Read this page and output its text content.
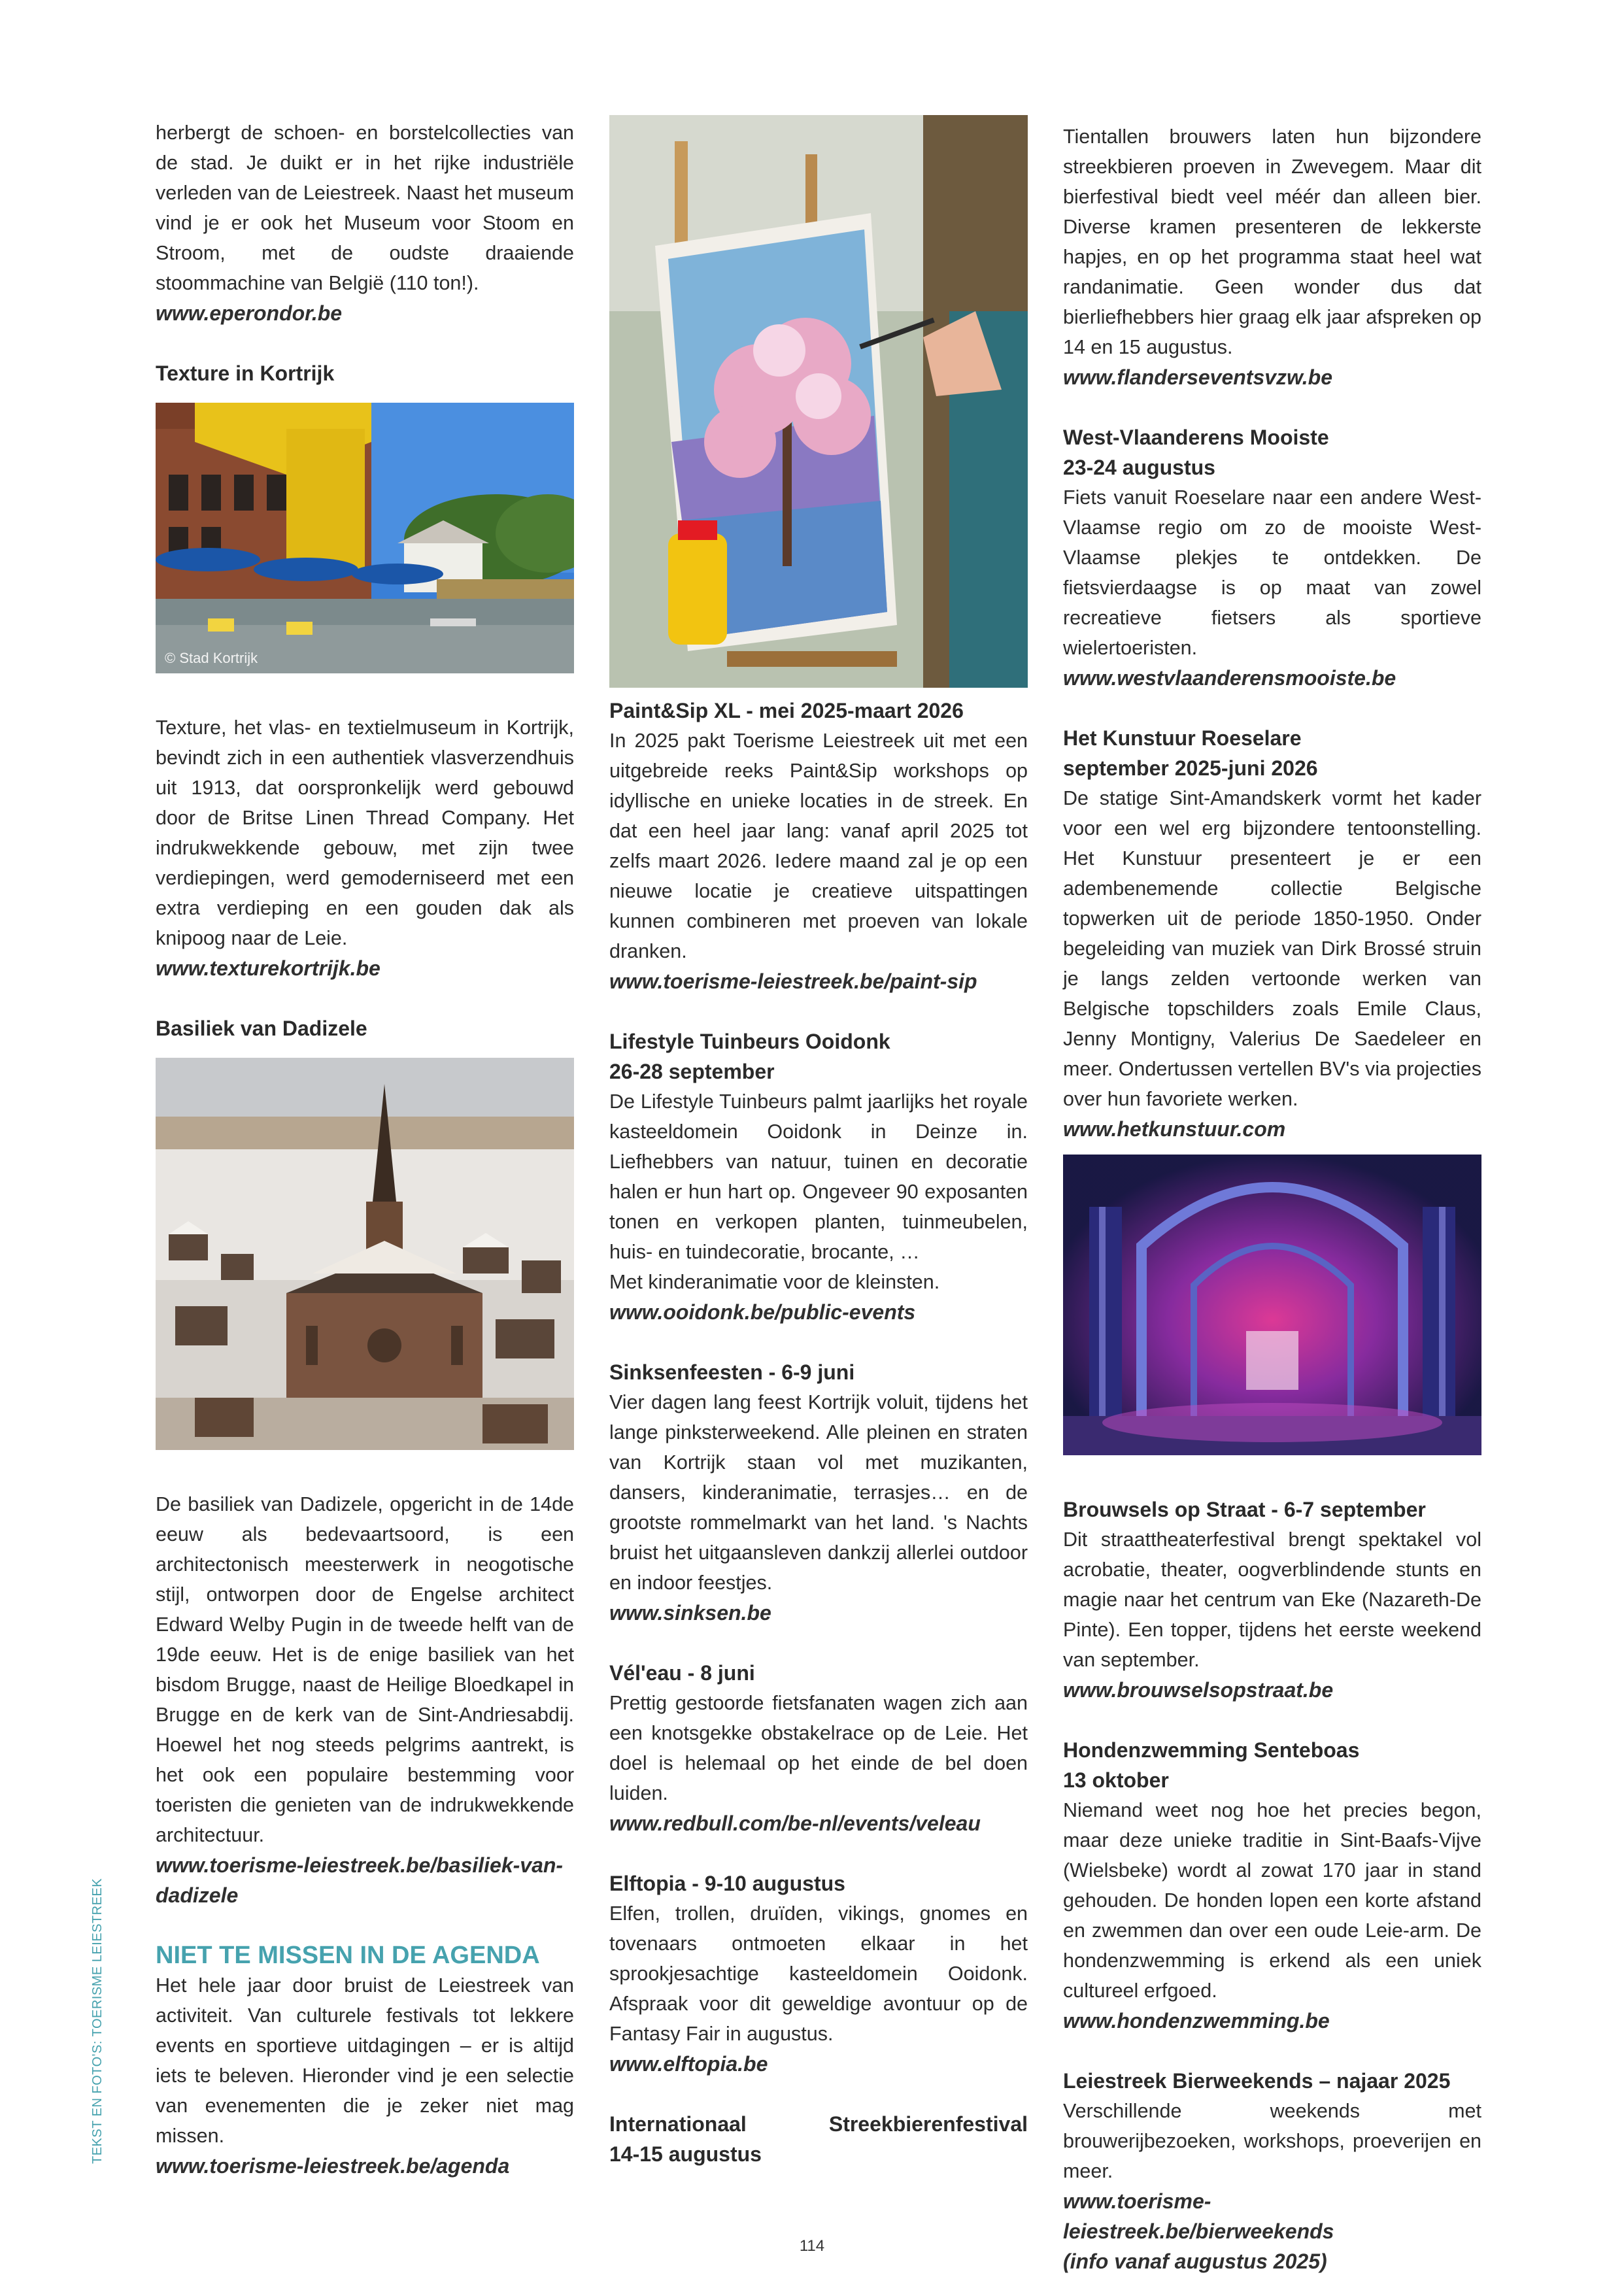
herbergt de schoen- en borstelcollecties van de stad. Je duikt er in het rijke industriële verleden van de Leiestreek. Naast het museum vind je er ook het Museum voor Stoom en Stroom, met de oudste draaiende stoommachine van België (110 ton!).

www.eperondor.be
Texture in Kortrijk
© Stad Kortrijk

Texture, het vlas- en textielmuseum in Kortrijk, bevindt zich in een authentiek vlasverzendhuis uit 1913, dat oorspronkelijk werd gebouwd door de Britse Linen Thread Company. Het indrukwekkende gebouw, met zijn twee verdiepingen, werd gemoderniseerd met een extra verdieping en een gouden dak als knipoog naar de Leie.

www.texturekortrijk.be
Basiliek van Dadizele

De basiliek van Dadizele, opgericht in de 14de eeuw als bedevaartsoord, is een architectonisch meesterwerk in neogotische stijl, ontworpen door de Engelse architect Edward Welby Pugin in de tweede helft van de 19de eeuw. Het is de enige basiliek van het bisdom Brugge, naast de Heilige Bloedkapel in Brugge en de kerk van de Sint-Andriesabdij. Hoewel het nog steeds pelgrims aantrekt, is het ook een populaire bestemming voor toeristen die genieten van de indrukwekkende architectuur.

www.toerisme-leiestreek.be/basiliek-van-dadizele
NIET TE MISSEN IN DE AGENDA

Het hele jaar door bruist de Leiestreek van activiteit. Van culturele festivals tot lekkere events en sportieve uitdagingen – er is altijd iets te beleven. Hieronder vind je een selectie van evenementen die je zeker niet mag missen.

www.toerisme-leiestreek.be/agenda
Paint&Sip XL - mei 2025-maart 2026

In 2025 pakt Toerisme Leiestreek uit met een uitgebreide reeks Paint&Sip workshops op idyllische en unieke locaties in de streek. En dat een heel jaar lang: vanaf april 2025 tot zelfs maart 2026. Iedere maand zal je op een nieuwe locatie je creatieve uitspattingen kunnen combineren met proeven van lokale dranken.

www.toerisme-leiestreek.be/paint-sip
Lifestyle Tuinbeurs Ooidonk
26-28 september

De Lifestyle Tuinbeurs palmt jaarlijks het royale kasteeldomein Ooidonk in Deinze in. Liefhebbers van natuur, tuinen en decoratie halen er hun hart op. Ongeveer 90 exposanten tonen en verkopen planten, tuinmeubelen, huis- en tuindecoratie, brocante, …

Met kinderanimatie voor de kleinsten.

www.ooidonk.be/public-events
Sinksenfeesten - 6-9 juni

Vier dagen lang feest Kortrijk voluit, tijdens het lange pinksterweekend. Alle pleinen en straten van Kortrijk staan vol met muzikanten, dansers, kinderanimatie, terrasjes… en de grootste rommelmarkt van het land. 's Nachts bruist het uitgaansleven dankzij allerlei outdoor en indoor feestjes.

www.sinksen.be
Vél'eau - 8 juni

Prettig gestoorde fietsfanaten wagen zich aan een knotsgekke obstakelrace op de Leie. Het doel is helemaal op het einde de bel doen luiden.

www.redbull.com/be-nl/events/veleau
Elftopia - 9-10 augustus

Elfen, trollen, druïden, vikings, gnomes en tovenaars ontmoeten elkaar in het sprookjesachtige kasteeldomein Ooidonk. Afspraak voor dit geweldige avontuur op de Fantasy Fair in augustus.

www.elftopia.be
Internationaal	Streekbierenfestival
14-15 augustus

Tientallen brouwers laten hun bijzondere streekbieren proeven in Zwevegem. Maar dit bierfestival biedt veel méér dan alleen bier. Diverse kramen presenteren de lekkerste hapjes, en op het programma staat heel wat randanimatie. Geen wonder dus dat bierliefhebbers hier graag elk jaar afspreken op 14 en 15 augustus.

www.flanderseventsvzw.be
West-Vlaanderens Mooiste
23-24 augustus

Fiets vanuit Roeselare naar een andere West-Vlaamse regio om zo de mooiste West-Vlaamse plekjes te ontdekken. De fietsvierdaagse is op maat van zowel recreatieve fietsers als sportieve wielertoeristen.

www.westvlaanderensmooiste.be
Het Kunstuur Roeselare
september 2025-juni 2026

De statige Sint-Amandskerk vormt het kader voor een wel erg bijzondere tentoonstelling. Het Kunstuur presenteert je er een adembenemende collectie Belgische topwerken uit de periode 1850-1950. Onder begeleiding van muziek van Dirk Brossé struin je langs zelden vertoonde werken van Belgische topschilders zoals Emile Claus, Jenny Montigny, Valerius De Saedeleer en meer. Ondertussen vertellen BV's via projecties over hun favoriete werken.

www.hetkunstuur.com
Brouwsels op Straat - 6-7 september

Dit straattheaterfestival brengt spektakel vol acrobatie, theater, oogverblindende stunts en magie naar het centrum van Eke (Nazareth-De Pinte). Een topper, tijdens het eerste weekend van september.

www.brouwselsopstraat.be
Hondenzwemming Senteboas
13 oktober

Niemand weet nog hoe het precies begon, maar deze unieke traditie in Sint-Baafs-Vijve (Wielsbeke) wordt al zowat 170 jaar in stand gehouden. De honden lopen een korte afstand en zwemmen dan over een oude Leie-arm. De hondenzwemming is erkend als een uniek cultureel erfgoed.

www.hondenzwemming.be
Leiestreek Bierweekends – najaar 2025

Verschillende weekends met brouwerijbezoeken, workshops, proeverijen en meer.

www.toerisme-leiestreek.be/bierweekends
(info vanaf augustus 2025)
TEKST EN FOTO'S: TOERISME LEIESTREEK
114
